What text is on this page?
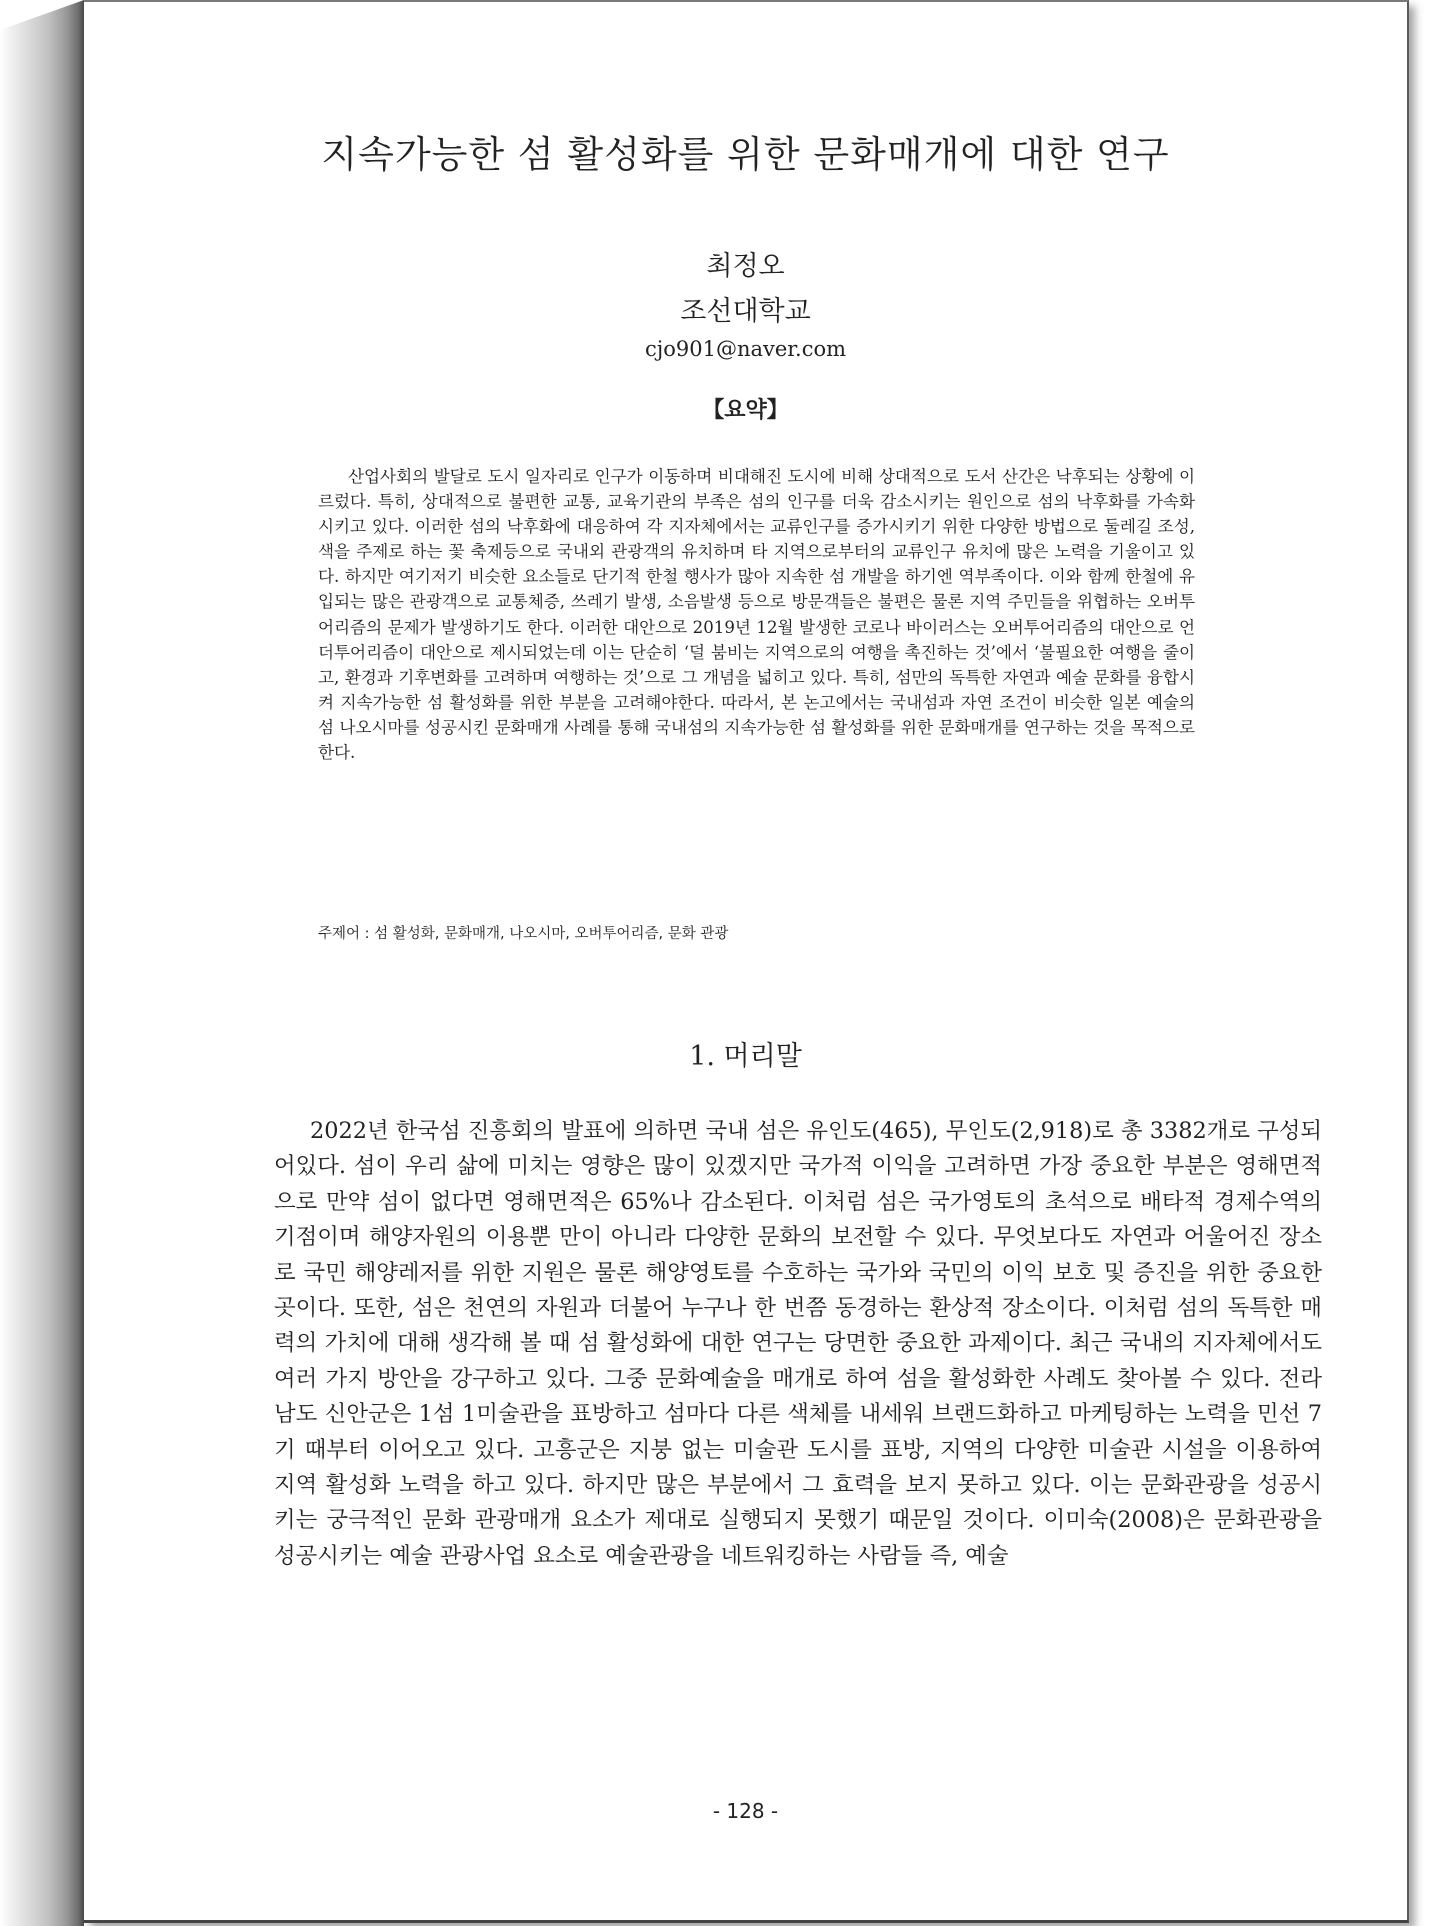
지속가능한 섬 활성화를 위한 문화매개에 대한 연구
최정오
조선대학교
cjo901@naver.com
【요약】

산업사회의 발달로 도시 일자리로 인구가 이동하며 비대해진 도시에 비해 상대적으로 도서 산간은 낙후되는 상황에 이르렀다. 특히, 상대적으로 불편한 교통, 교육기관의 부족은 섬의 인구를 더욱 감소시키는 원인으로 섬의 낙후화를 가속화 시키고 있다. 이러한 섬의 낙후화에 대응하여 각 지자체에서는 교류인구를 증가시키기 위한 다양한 방법으로 둘레길 조성, 색을 주제로 하는 꽃 축제등으로 국내외 관광객의 유치하며 타 지역으로부터의 교류인구 유치에 많은 노력을 기울이고 있다. 하지만 여기저기 비슷한 요소들로 단기적 한철 행사가 많아 지속한 섬 개발을 하기엔 역부족이다. 이와 함께 한철에 유입되는 많은 관광객으로 교통체증, 쓰레기 발생, 소음발생 등으로 방문객들은 불편은 물론 지역 주민들을 위협하는 오버투어리즘의 문제가 발생하기도 한다. 이러한 대안으로 2019년 12월 발생한 코로나 바이러스는 오버투어리즘의 대안으로 언더투어리즘이 대안으로 제시되었는데 이는 단순히 ‘덜 붐비는 지역으로의 여행을 촉진하는 것’에서 ‘불필요한 여행을 줄이고, 환경과 기후변화를 고려하며 여행하는 것’으로 그 개념을 넓히고 있다. 특히, 섬만의 독특한 자연과 예술 문화를 융합시켜 지속가능한 섬 활성화를 위한 부분을 고려해야한다. 따라서, 본 논고에서는 국내섬과 자연 조건이 비슷한 일본 예술의 섬 나오시마를 성공시킨 문화매개 사례를 통해 국내섬의 지속가능한 섬 활성화를 위한 문화매개를 연구하는 것을 목적으로 한다.

주제어 : 섬 활성화, 문화매개, 나오시마, 오버투어리즘, 문화 관광
1. 머리말

2022년 한국섬 진흥회의 발표에 의하면 국내 섬은 유인도(465), 무인도(2,918)로 총 3382개로 구성되어있다. 섬이 우리 삶에 미치는 영향은 많이 있겠지만 국가적 이익을 고려하면 가장 중요한 부분은 영해면적으로 만약 섬이 없다면 영해면적은 65%나 감소된다. 이처럼 섬은 국가영토의 초석으로 배타적 경제수역의 기점이며 해양자원의 이용뿐 만이 아니라 다양한 문화의 보전할 수 있다. 무엇보다도 자연과 어울어진 장소로 국민 해양레저를 위한 지원은 물론 해양영토를 수호하는 국가와 국민의 이익 보호 및 증진을 위한 중요한 곳이다. 또한, 섬은 천연의 자원과 더불어 누구나 한 번쯤 동경하는 환상적 장소이다. 이처럼 섬의 독특한 매력의 가치에 대해 생각해 볼 때 섬 활성화에 대한 연구는 당면한 중요한 과제이다. 최근 국내의 지자체에서도 여러 가지 방안을 강구하고 있다. 그중 문화예술을 매개로 하여 섬을 활성화한 사례도 찾아볼 수 있다. 전라남도 신안군은 1섬 1미술관을 표방하고 섬마다 다른 색체를 내세워 브랜드화하고 마케팅하는 노력을 민선 7기 때부터 이어오고 있다. 고흥군은 지붕 없는 미술관 도시를 표방, 지역의 다양한 미술관 시설을 이용하여 지역 활성화 노력을 하고 있다. 하지만 많은 부분에서 그 효력을 보지 못하고 있다. 이는 문화관광을 성공시키는 궁극적인 문화 관광매개 요소가 제대로 실행되지 못했기 때문일 것이다. 이미숙(2008)은 문화관광을 성공시키는 예술 관광사업 요소로 예술관광을 네트워킹하는 사람들 즉, 예술

- 128 -
